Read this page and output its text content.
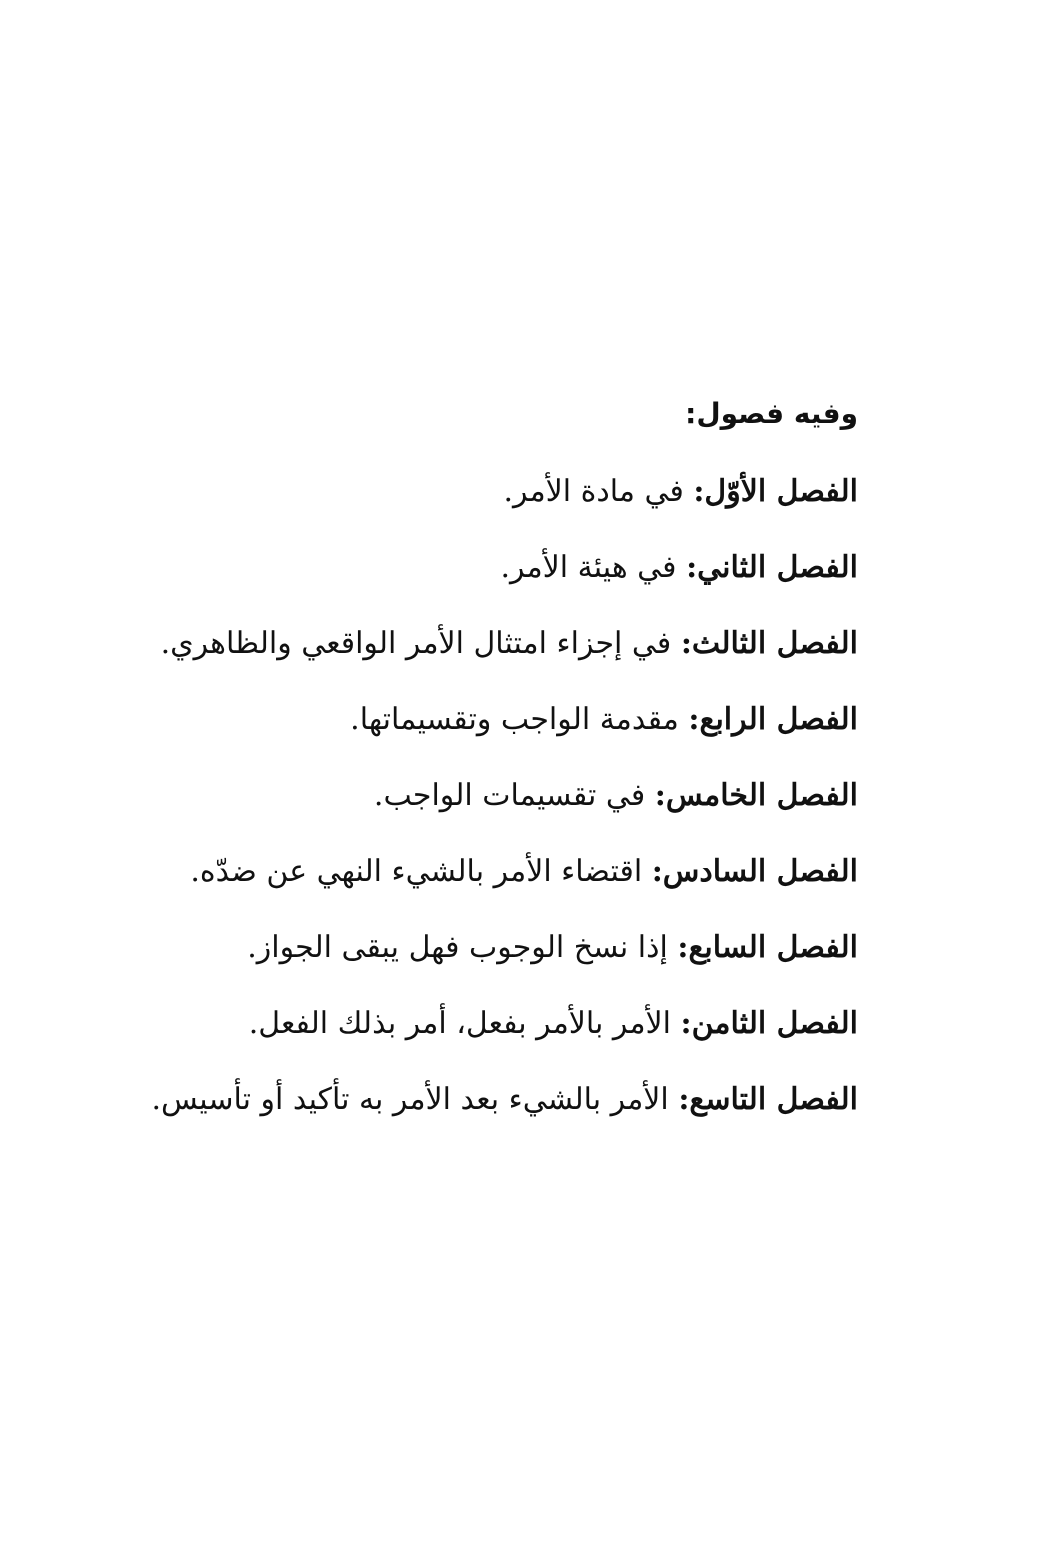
وفيه فصول:
الفصل الأوّل: في مادة الأمر.
الفصل الثاني: في هيئة الأمر.
الفصل الثالث: في إجزاء امتثال الأمر الواقعي والظاهري.
الفصل الرابع: مقدمة الواجب وتقسيماتها.
الفصل الخامس: في تقسيمات الواجب.
الفصل السادس: اقتضاء الأمر بالشيء النهي عن ضدّه.
الفصل السابع: إذا نسخ الوجوب فهل يبقى الجواز.
الفصل الثامن: الأمر بالأمر بفعل، أمر بذلك الفعل.
الفصل التاسع: الأمر بالشيء بعد الأمر به تأكيد أو تأسيس.
